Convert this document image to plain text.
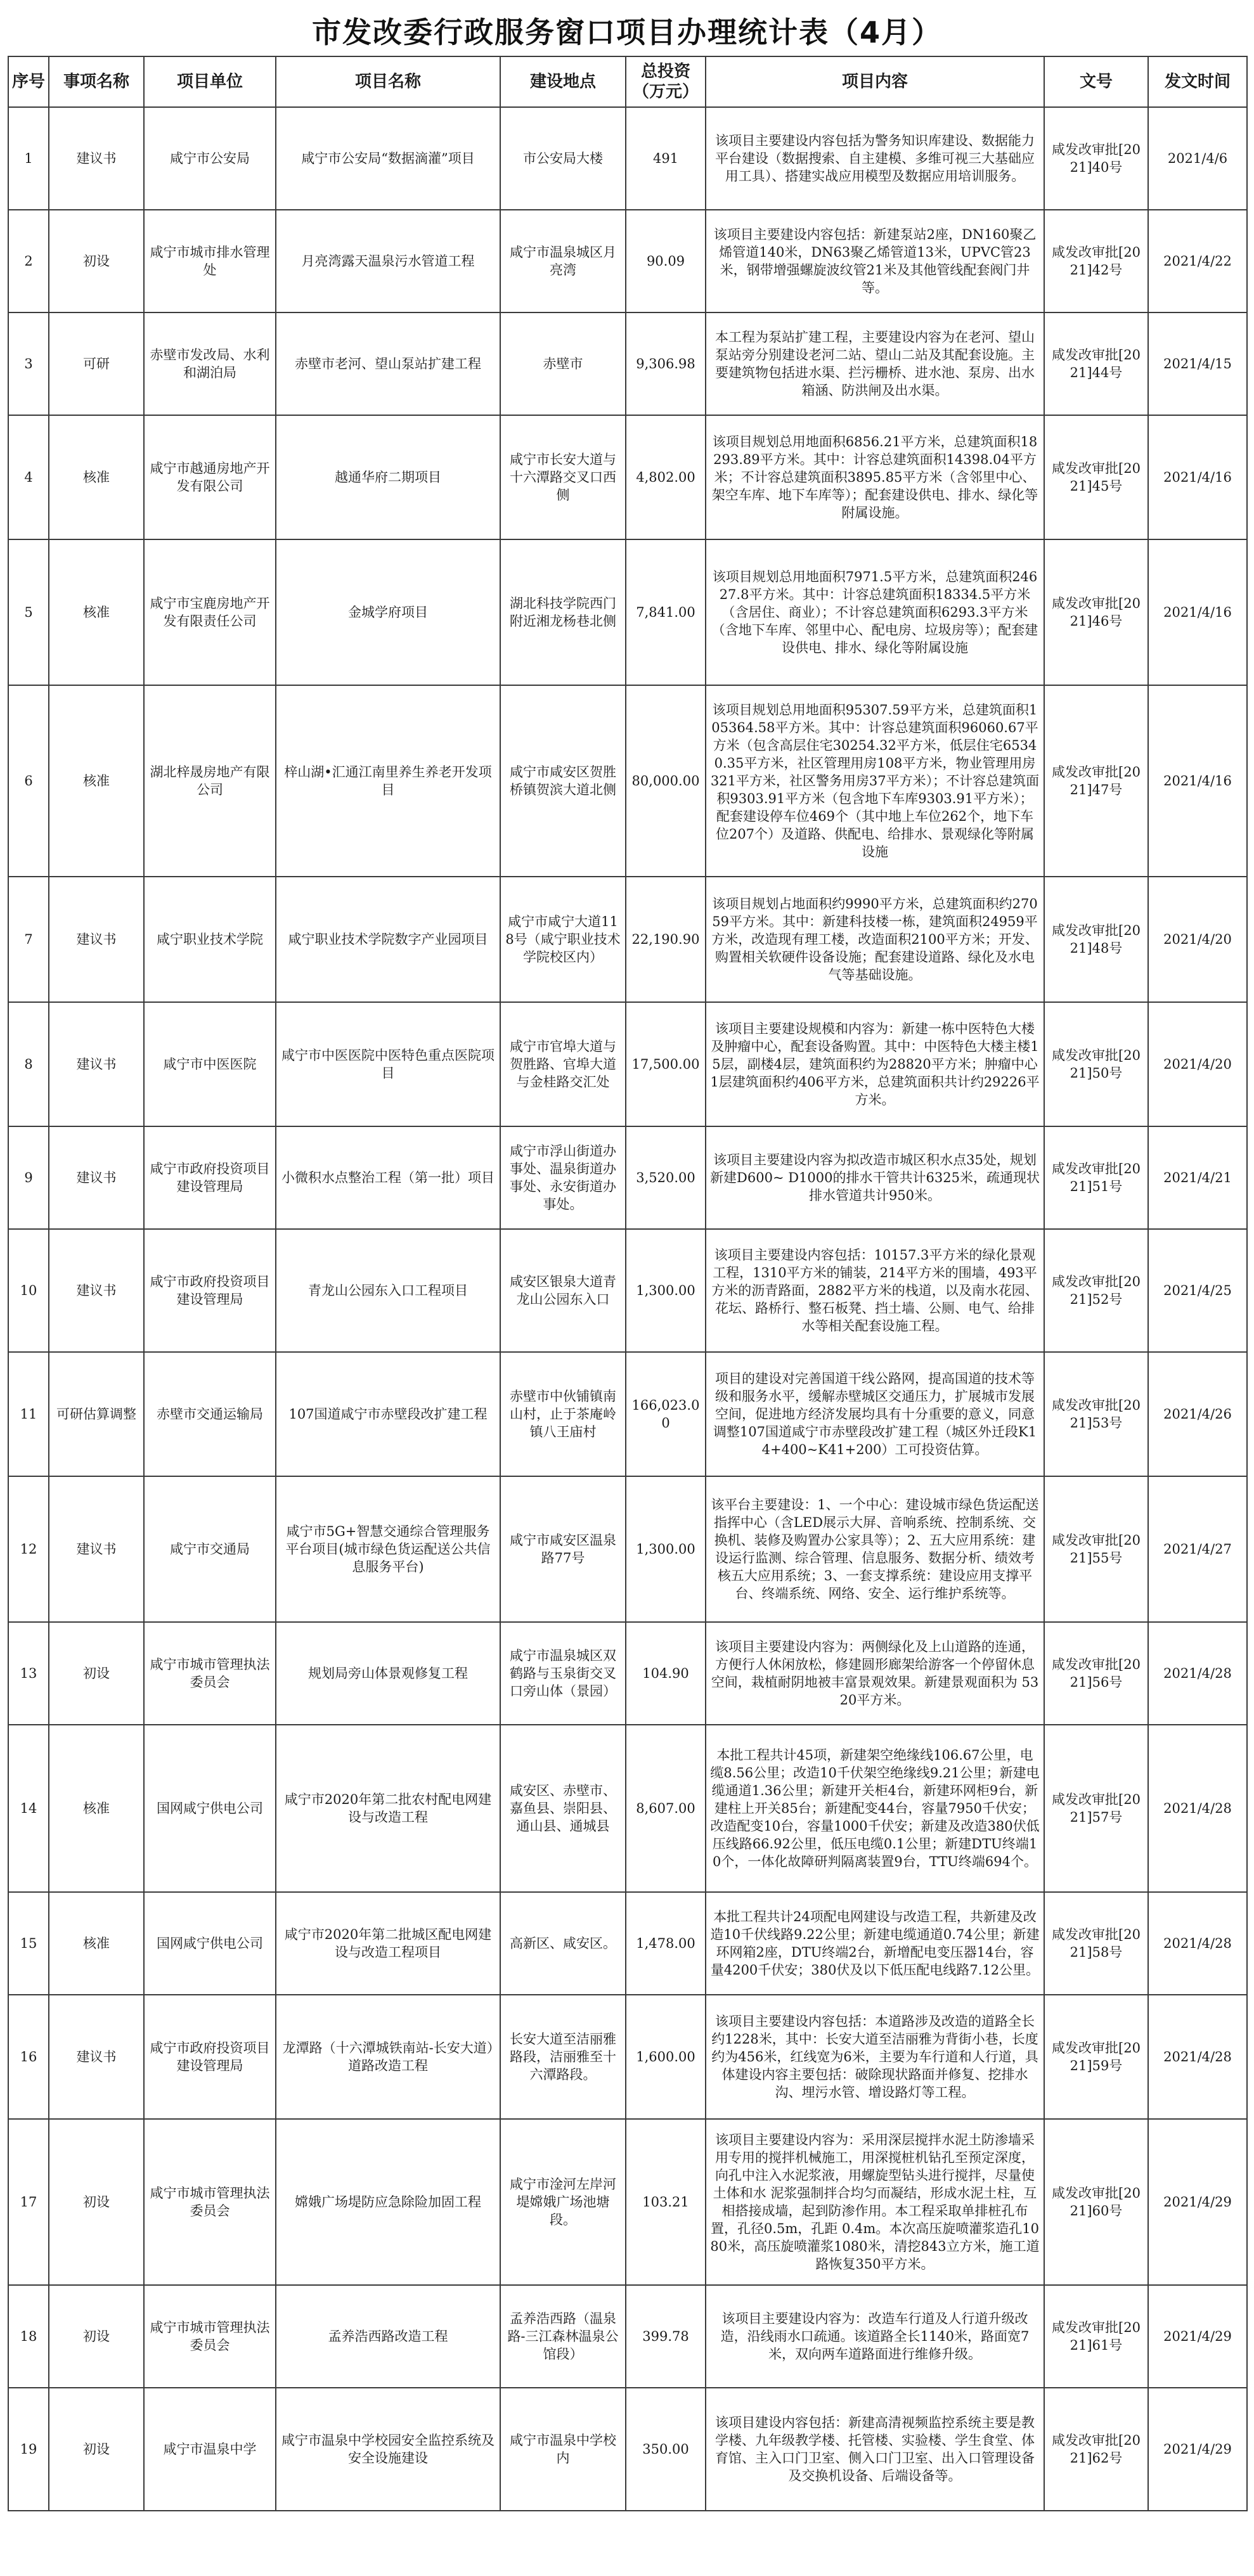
市发改委行政服务窗口项目办理统计表（4月）
序号	事项名称	项目单位	项目名称	建设地点	总投资（万元）	项目内容	文号	发文时间
1	建议书	咸宁市公安局	咸宁市公安局“数据滴灌”项目	市公安局大楼	491	该项目主要建设内容包括为警务知识库建设、数据能力平台建设（数据搜索、自主建模、多维可视三大基础应用工具）、搭建实战应用模型及数据应用培训服务。	咸发改审批[2021]40号	2021/4/6
2	初设	咸宁市城市排水管理处	月亮湾露天温泉污水管道工程	咸宁市温泉城区月亮湾	90.09	该项目主要建设内容包括：新建泵站2座，DN160聚乙烯管道140米，DN63聚乙烯管道13米，UPVC管23米，钢带增强螺旋波纹管21米及其他管线配套阀门井等。	咸发改审批[2021]42号	2021/4/22
3	可研	赤壁市发改局、水利和湖泊局	赤壁市老河、望山泵站扩建工程	赤壁市	9,306.98	本工程为泵站扩建工程，主要建设内容为在老河、望山泵站旁分别建设老河二站、望山二站及其配套设施。主要建筑物包括进水渠、拦污栅桥、进水池、泵房、出水箱涵、防洪闸及出水渠。	咸发改审批[2021]44号	2021/4/15
4	核准	咸宁市越通房地产开发有限公司	越通华府二期项目	咸宁市长安大道与十六潭路交叉口西侧	4,802.00	该项目规划总用地面积6856.21平方米，总建筑面积18293.89平方米。其中：计容总建筑面积14398.04平方米；不计容总建筑面积3895.85平方米（含邻里中心、架空车库、地下车库等）；配套建设供电、排水、绿化等附属设施。	咸发改审批[2021]45号	2021/4/16
5	核准	咸宁市宝鹿房地产开发有限责任公司	金城学府项目	湖北科技学院西门附近湘龙杨巷北侧	7,841.00	该项目规划总用地面积7971.5平方米，总建筑面积24627.8平方米。其中：计容总建筑面积18334.5平方米（含居住、商业）；不计容总建筑面积6293.3平方米（含地下车库、邻里中心、配电房、垃圾房等）；配套建设供电、排水、绿化等附属设施	咸发改审批[2021]46号	2021/4/16
6	核准	湖北梓晟房地产有限公司	梓山湖•汇通江南里养生养老开发项目	咸宁市咸安区贺胜桥镇贺滨大道北侧	80,000.00	该项目规划总用地面积95307.59平方米，总建筑面积105364.58平方米。其中：计容总建筑面积96060.67平方米（包含高层住宅30254.32平方米，低层住宅65340.35平方米，社区管理用房108平方米，物业管理用房321平方米，社区警务用房37平方米）；不计容总建筑面积9303.91平方米（包含地下车库9303.91平方米）；配套建设停车位469个（其中地上车位262个，地下车位207个）及道路、供配电、给排水、景观绿化等附属设施	咸发改审批[2021]47号	2021/4/16
7	建议书	咸宁职业技术学院	咸宁职业技术学院数字产业园项目	咸宁市咸宁大道118号（咸宁职业技术学院校区内）	22,190.90	该项目规划占地面积约9990平方米，总建筑面积约27059平方米。其中：新建科技楼一栋，建筑面积24959平方米，改造现有理工楼，改造面积2100平方米；开发、购置相关软硬件设备设施；配套建设道路、绿化及水电气等基础设施。	咸发改审批[2021]48号	2021/4/20
8	建议书	咸宁市中医医院	咸宁市中医医院中医特色重点医院项目	咸宁市官埠大道与贺胜路、官埠大道与金桂路交汇处	17,500.00	该项目主要建设规模和内容为：新建一栋中医特色大楼及肿瘤中心，配套设备购置。其中：中医特色大楼主楼15层，副楼4层，建筑面积约为28820平方米；肿瘤中心1层建筑面积约406平方米，总建筑面积共计约29226平方米。	咸发改审批[2021]50号	2021/4/20
9	建议书	咸宁市政府投资项目建设管理局	小微积水点整治工程（第一批）项目	咸宁市浮山街道办事处、温泉街道办事处、永安街道办事处。	3,520.00	该项目主要建设内容为拟改造市城区积水点35处，规划新建D600~ D1000的排水干管共计6325米，疏通现状排水管道共计950米。	咸发改审批[2021]51号	2021/4/21
10	建议书	咸宁市政府投资项目建设管理局	青龙山公园东入口工程项目	咸安区银泉大道青龙山公园东入口	1,300.00	该项目主要建设内容包括：10157.3平方米的绿化景观工程，1310平方米的铺装，214平方米的围墙，493平方米的沥青路面，2882平方米的栈道，以及南水花园、花坛、路桥行、整石板凳、挡土墙、公厕、电气、给排水等相关配套设施工程。	咸发改审批[2021]52号	2021/4/25
11	可研估算调整	赤壁市交通运输局	107国道咸宁市赤壁段改扩建工程	赤壁市中伙铺镇南山村，止于茶庵岭镇八王庙村	166,023.00	项目的建设对完善国道干线公路网，提高国道的技术等级和服务水平，缓解赤壁城区交通压力，扩展城市发展空间，促进地方经济发展均具有十分重要的意义，同意调整107国道咸宁市赤壁段改扩建工程（城区外迁段K14+400~K41+200）工可投资估算。	咸发改审批[2021]53号	2021/4/26
12	建议书	咸宁市交通局	咸宁市5G+智慧交通综合管理服务平台项目(城市绿色货运配送公共信息服务平台)	咸宁市咸安区温泉路77号	1,300.00	该平台主要建设：1、一个中心：建设城市绿色货运配送指挥中心（含LED展示大屏、音响系统、控制系统、交换机、装修及购置办公家具等）；2、五大应用系统：建设运行监测、综合管理、信息服务、数据分析、绩效考核五大应用系统；3、一套支撑系统：建设应用支撑平台、终端系统、网络、安全、运行维护系统等。	咸发改审批[2021]55号	2021/4/27
13	初设	咸宁市城市管理执法委员会	规划局旁山体景观修复工程	咸宁市温泉城区双鹤路与玉泉街交叉口旁山体（景园）	104.90	该项目主要建设内容为：两侧绿化及上山道路的连通，方便行人休闲放松，修建圆形廊架给游客一个停留休息空间，栽植耐阴地被丰富景观效果。新建景观面积为 5320平方米。	咸发改审批[2021]56号	2021/4/28
14	核准	国网咸宁供电公司	咸宁市2020年第二批农村配电网建设与改造工程	咸安区、赤壁市、嘉鱼县、崇阳县、通山县、通城县	8,607.00	本批工程共计45项，新建架空绝缘线106.67公里，电缆8.56公里；改造10千伏架空绝缘线9.21公里；新建电缆通道1.36公里；新建开关柜4台，新建环网柜9台，新建柱上开关85台；新建配变44台，容量7950千伏安；改造配变10台，容量1000千伏安；新建及改造380伏低压线路66.92公里，低压电缆0.1公里；新建DTU终端10个，一体化故障研判隔离装置9台，TTU终端694个。	咸发改审批[2021]57号	2021/4/28
15	核准	国网咸宁供电公司	咸宁市2020年第二批城区配电网建设与改造工程项目	高新区、咸安区。	1,478.00	本批工程共计24项配电网建设与改造工程，共新建及改造10千伏线路9.22公里；新建电缆通道0.74公里；新建环网箱2座，DTU终端2台，新增配电变压器14台，容量4200千伏安；380伏及以下低压配电线路7.12公里。	咸发改审批[2021]58号	2021/4/28
16	建议书	咸宁市政府投资项目建设管理局	龙潭路（十六潭城铁南站-长安大道）道路改造工程	长安大道至洁丽雅路段，洁丽雅至十六潭路段。	1,600.00	该项目主要建设内容包括：本道路涉及改造的道路全长约1228米，其中：长安大道至洁丽雅为背街小巷，长度约为456米，红线宽为6米，主要为车行道和人行道，具体建设内容主要包括：破除现状路面并修复、挖排水沟、埋污水管、增设路灯等工程。	咸发改审批[2021]59号	2021/4/28
17	初设	咸宁市城市管理执法委员会	嫦娥广场堤防应急除险加固工程	咸宁市淦河左岸河堤嫦娥广场池塘段。	103.21	该项目主要建设内容为：采用深层搅拌水泥土防渗墙采用专用的搅拌机械施工，用深搅桩机钻孔至预定深度，向孔中注入水泥浆液，用螺旋型钻头进行搅拌，尽量使土体和水 泥浆强制拌合均匀而凝结，形成水泥土柱，互相搭接成墙，起到防渗作用。本工程采取单排桩孔布置，孔径0.5m，孔距 0.4m。本次高压旋喷灌浆造孔1080米，高压旋喷灌浆1080米，清挖843立方米，施工道路恢复350平方米。	咸发改审批[2021]60号	2021/4/29
18	初设	咸宁市城市管理执法委员会	孟养浩西路改造工程	孟养浩西路（温泉路-三江森林温泉公馆段）	399.78	该项目主要建设内容为：改造车行道及人行道升级改造，沿线雨水口疏通。该道路全长1140米，路面宽7米，双向两车道路面进行维修升级。	咸发改审批[2021]61号	2021/4/29
19	初设	咸宁市温泉中学	咸宁市温泉中学校园安全监控系统及安全设施建设	咸宁市温泉中学校内	350.00	该项目建设内容包括：新建高清视频监控系统主要是教学楼、九年级教学楼、托管楼、实验楼、学生食堂、体育馆、主入口门卫室、侧入口门卫室、出入口管理设备及交换机设备、后端设备等。	咸发改审批[2021]62号	2021/4/29
